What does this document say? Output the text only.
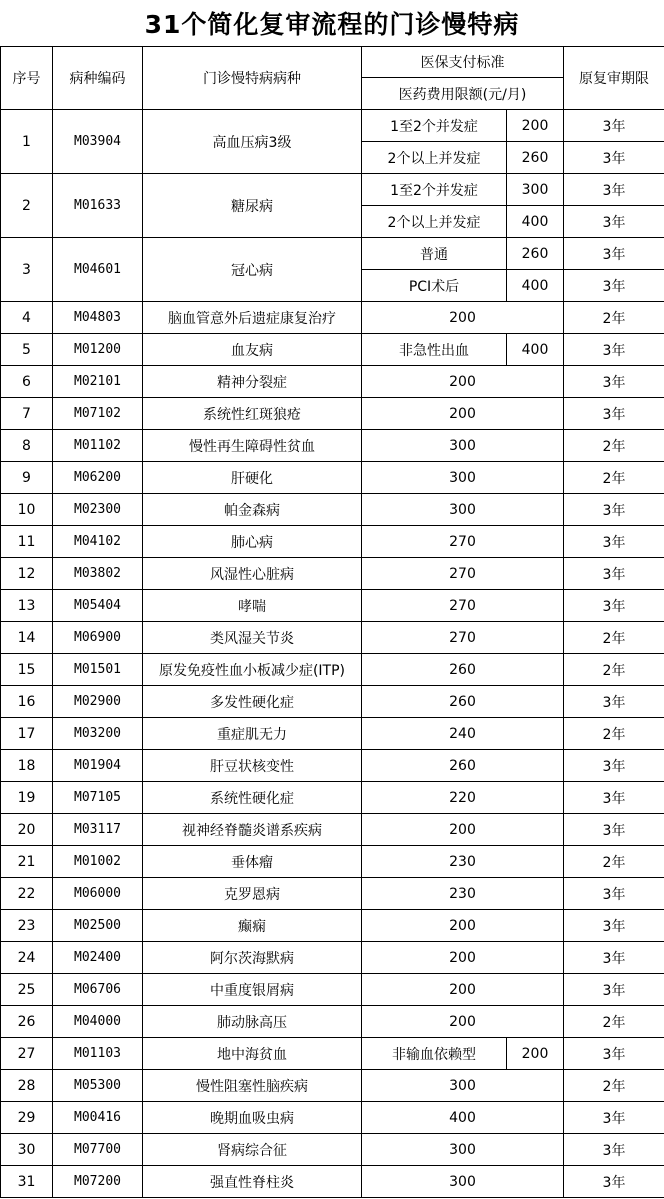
31个简化复审流程的门诊慢特病
序号	病种编码	门诊慢特病病种	医保支付标准		原复审期限
			医药费用限额(元/月)		
1	M03904	高血压病3级	1至2个并发症	200	3年
			2个以上并发症	260	3年
2	M01633	糖尿病	1至2个并发症	300	3年
			2个以上并发症	400	3年
3	M04601	冠心病	普通	260	3年
			PCI术后	400	3年
4	M04803	脑血管意外后遗症康复治疗	200		2年
5	M01200	血友病	非急性出血	400	3年
6	M02101	精神分裂症	200		3年
7	M07102	系统性红斑狼疮	200		3年
8	M01102	慢性再生障碍性贫血	300		2年
9	M06200	肝硬化	300		2年
10	M02300	帕金森病	300		3年
11	M04102	肺心病	270		3年
12	M03802	风湿性心脏病	270		3年
13	M05404	哮喘	270		3年
14	M06900	类风湿关节炎	270		2年
15	M01501	原发免疫性血小板减少症(ITP)	260		2年
16	M02900	多发性硬化症	260		3年
17	M03200	重症肌无力	240		2年
18	M01904	肝豆状核变性	260		3年
19	M07105	系统性硬化症	220		3年
20	M03117	视神经脊髓炎谱系疾病	200		3年
21	M01002	垂体瘤	230		2年
22	M06000	克罗恩病	230		3年
23	M02500	癫痫	200		3年
24	M02400	阿尔茨海默病	200		3年
25	M06706	中重度银屑病	200		3年
26	M04000	肺动脉高压	200		2年
27	M01103	地中海贫血	非输血依赖型	200	3年
28	M05300	慢性阻塞性脑疾病	300		2年
29	M00416	晚期血吸虫病	400		3年
30	M07700	肾病综合征	300		3年
31	M07200	强直性脊柱炎	300		3年
